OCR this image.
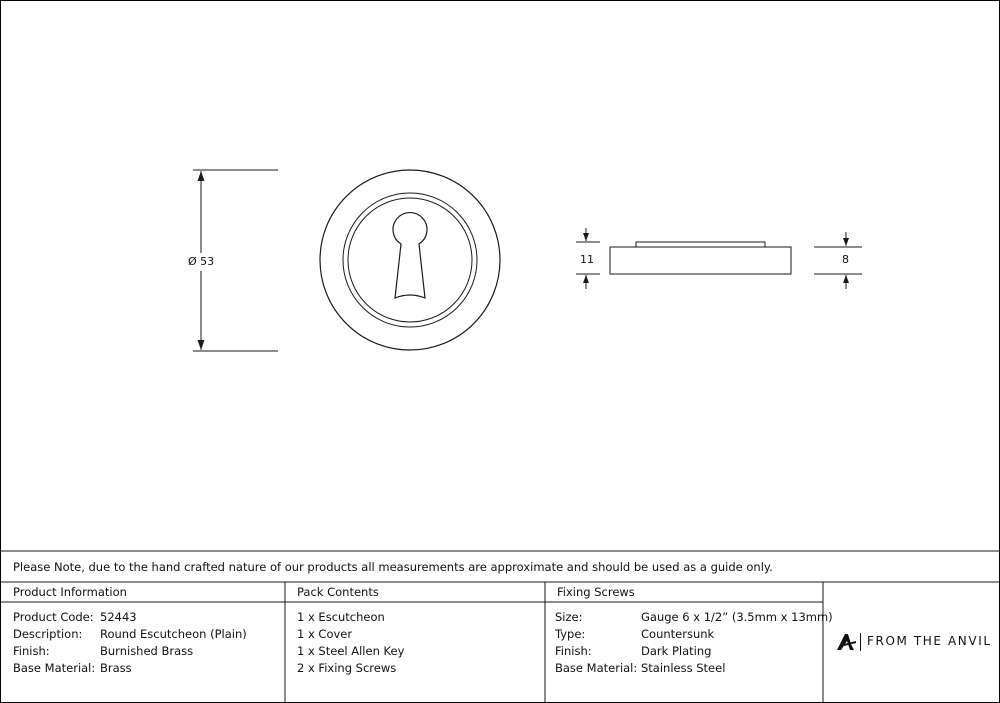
Ø 53	11	8
Please Note, due to the hand crafted nature of our products all measurements are approximate and should be used as a guide only.
Product Information	Pack Contents	Fixing Screws
Product Code: 52443
Description: Round Escutcheon (Plain)
Finish:	Burnished Brass
Base Material: Brass
1 x Escutcheon
1 x Cover
1 x Steel Allen Key
2 x Fixing Screws
Size:	Gauge 6 x 1/2” (3.5mm x 13mm)
Type:	Countersunk
Finish:	Dark Plating
Base Material: Stainless Steel
FROM THE ANVIL
